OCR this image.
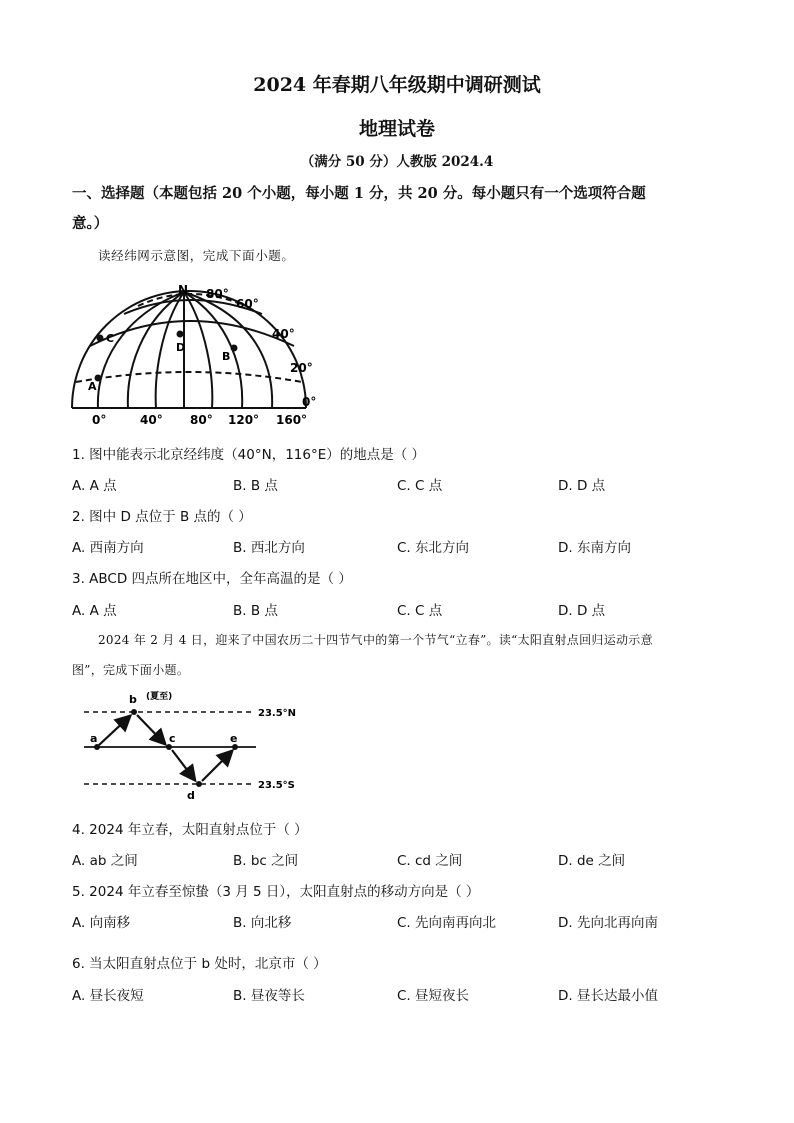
2024 年春期八年级期中调研测试
地理试卷
（满分 50 分）人教版 2024.4
一、选择题（本题包括 20 个小题，每小题 1 分，共 20 分。每小题只有一个选项符合题
意。）
读经纬网示意图，完成下面小题。
N 80°
60°
40°
20°
0°
A
B
C
D
0°	40° 80° 120° 160°
1. 图中能表示北京经纬度（40°N，116°E）的地点是（ ）
A. A 点	B. B 点	C. C 点	D. D 点
2. 图中 D 点位于 B 点的（ ）
A. 西南方向	B. 西北方向	C. 东北方向	D. 东南方向
3. ABCD 四点所在地区中，全年高温的是（ ）
A. A 点	B. B 点	C. C 点	D. D 点
2024 年 2 月 4 日，迎来了中国农历二十四节气中的第一个节气“立春”。读“太阳直射点回归运动示意
图”，完成下面小题。
a
b
c
d
e
(夏至)
23.5°N
23.5°S
4. 2024 年立春，太阳直射点位于（ ）
A. ab 之间	B. bc 之间	C. cd 之间	D. de 之间
5. 2024 年立春至惊蛰（3 月 5 日），太阳直射点的移动方向是（ ）
A. 向南移	B. 向北移	C. 先向南再向北	D. 先向北再向南
6. 当太阳直射点位于 b 处时，北京市（ ）
A. 昼长夜短	B. 昼夜等长	C. 昼短夜长	D. 昼长达最小值
